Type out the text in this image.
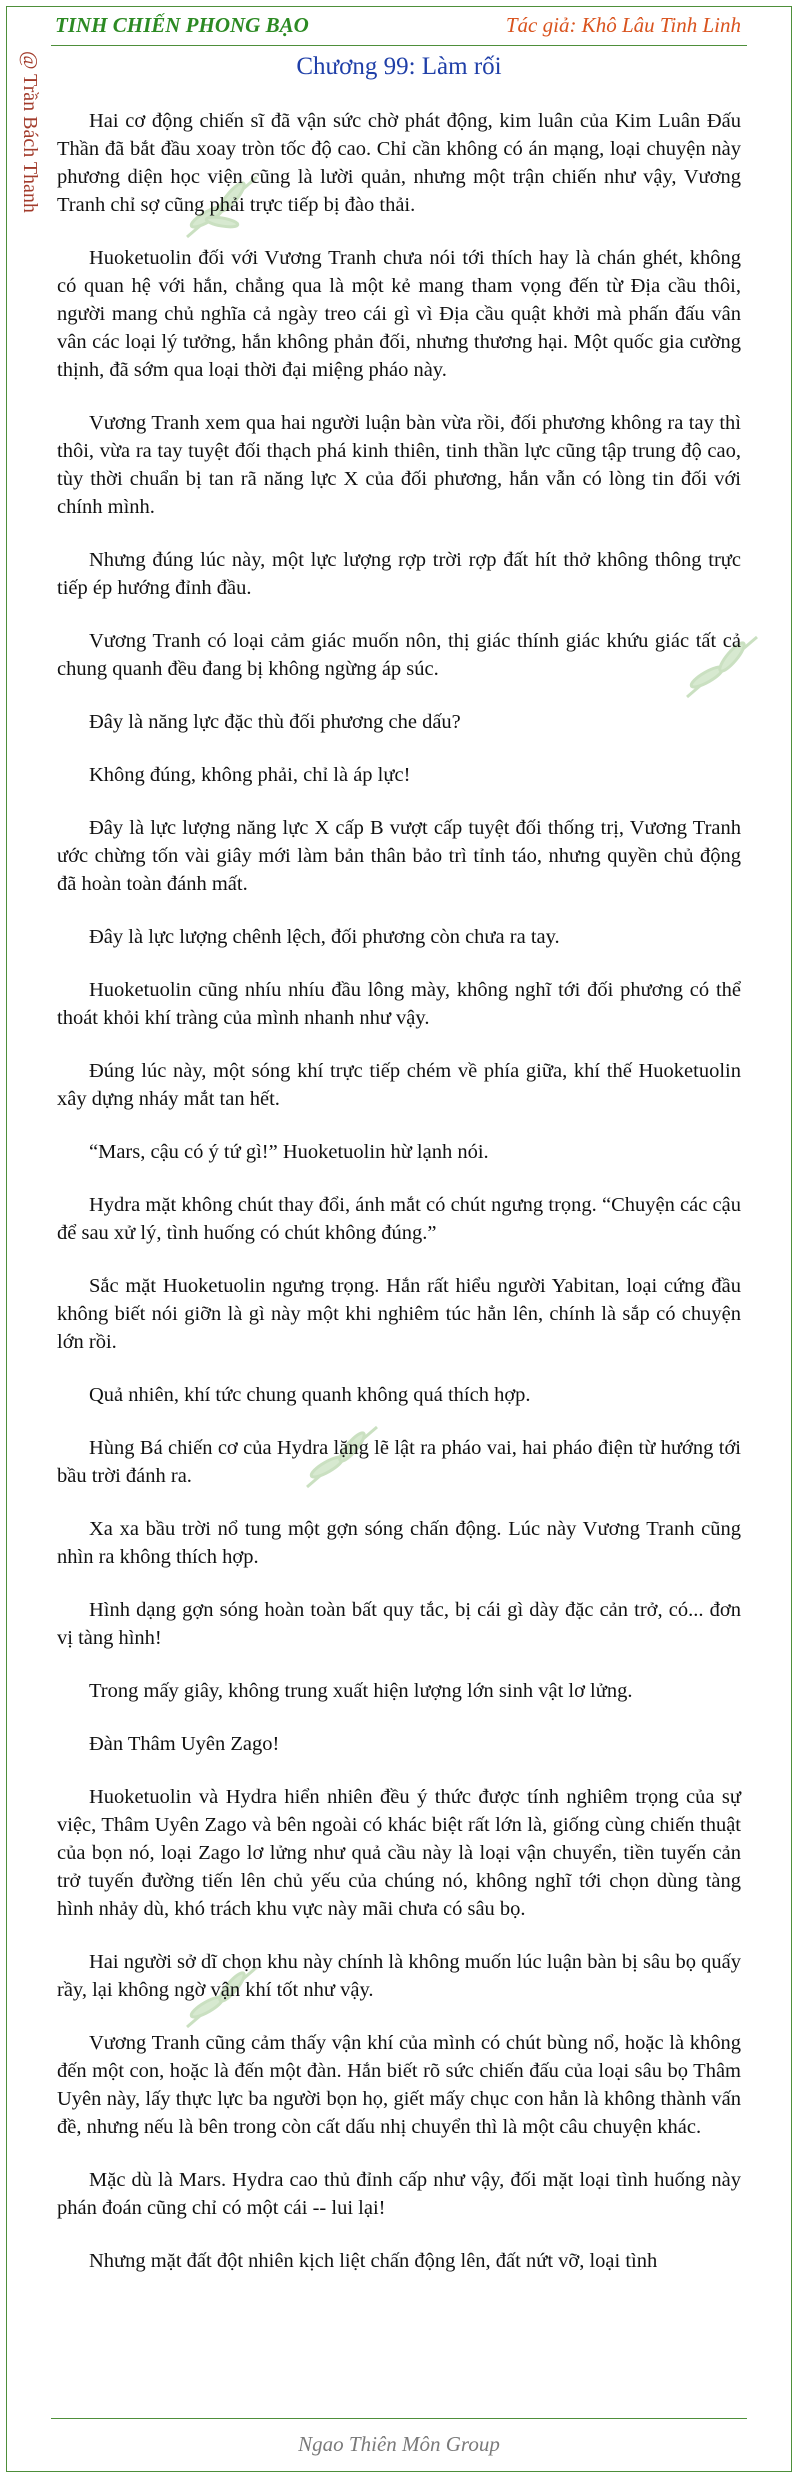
TINH CHIẾN PHONG BẠO	Tác giả: Khô Lâu Tinh Linh
@ Trần Bách Thanh	Chương 99: Làm rối

Hai cơ động chiến sĩ đã vận sức chờ phát động, kim luân của Kim Luân Đấu Thần đã bắt đầu xoay tròn tốc độ cao. Chỉ cần không có án mạng, loại chuyện này phương diện học viện cũng là lười quản, nhưng một trận chiến như vậy, Vương Tranh chỉ sợ cũng phải trực tiếp bị đào thải.

Huoketuolin đối với Vương Tranh chưa nói tới thích hay là chán ghét, không có quan hệ với hắn, chẳng qua là một kẻ mang tham vọng đến từ Địa cầu thôi, người mang chủ nghĩa cả ngày treo cái gì vì Địa cầu quật khởi mà phấn đấu vân vân các loại lý tưởng, hắn không phản đối, nhưng thương hại. Một quốc gia cường thịnh, đã sớm qua loại thời đại miệng pháo này.

Vương Tranh xem qua hai người luận bàn vừa rồi, đối phương không ra tay thì thôi, vừa ra tay tuyệt đối thạch phá kinh thiên, tinh thần lực cũng tập trung độ cao, tùy thời chuẩn bị tan rã năng lực X của đối phương, hắn vẫn có lòng tin đối với chính mình.

Nhưng đúng lúc này, một lực lượng rợp trời rợp đất hít thở không thông trực tiếp ép hướng đỉnh đầu.

Vương Tranh có loại cảm giác muốn nôn, thị giác thính giác khứu giác tất cả chung quanh đều đang bị không ngừng áp súc.

Đây là năng lực đặc thù đối phương che dấu?

Không đúng, không phải, chỉ là áp lực!

Đây là lực lượng năng lực X cấp B vượt cấp tuyệt đối thống trị, Vương Tranh ước chừng tốn vài giây mới làm bản thân bảo trì tỉnh táo, nhưng quyền chủ động đã hoàn toàn đánh mất.

Đây là lực lượng chênh lệch, đối phương còn chưa ra tay.

Huoketuolin cũng nhíu nhíu đầu lông mày, không nghĩ tới đối phương có thể thoát khỏi khí tràng của mình nhanh như vậy.

Đúng lúc này, một sóng khí trực tiếp chém về phía giữa, khí thế Huoketuolin xây dựng nháy mắt tan hết.

“Mars, cậu có ý tứ gì!” Huoketuolin hừ lạnh nói.

Hydra mặt không chút thay đổi, ánh mắt có chút ngưng trọng. “Chuyện các cậu để sau xử lý, tình huống có chút không đúng.”

Sắc mặt Huoketuolin ngưng trọng. Hắn rất hiểu người Yabitan, loại cứng đầu không biết nói giỡn là gì này một khi nghiêm túc hẳn lên, chính là sắp có chuyện lớn rồi.

Quả nhiên, khí tức chung quanh không quá thích hợp.

Hùng Bá chiến cơ của Hydra lặng lẽ lật ra pháo vai, hai pháo điện từ hướng tới bầu trời đánh ra.

Xa xa bầu trời nổ tung một gợn sóng chấn động. Lúc này Vương Tranh cũng nhìn ra không thích hợp.

Hình dạng gợn sóng hoàn toàn bất quy tắc, bị cái gì dày đặc cản trở, có... đơn vị tàng hình!

Trong mấy giây, không trung xuất hiện lượng lớn sinh vật lơ lửng.

Đàn Thâm Uyên Zago!

Huoketuolin và Hydra hiển nhiên đều ý thức được tính nghiêm trọng của sự việc, Thâm Uyên Zago và bên ngoài có khác biệt rất lớn là, giống cùng chiến thuật của bọn nó, loại Zago lơ lửng như quả cầu này là loại vận chuyển, tiền tuyến cản trở tuyến đường tiến lên chủ yếu của chúng nó, không nghĩ tới chọn dùng tàng hình nhảy dù, khó trách khu vực này mãi chưa có sâu bọ.

Hai người sở dĩ chọn khu này chính là không muốn lúc luận bàn bị sâu bọ quấy rầy, lại không ngờ vận khí tốt như vậy.

Vương Tranh cũng cảm thấy vận khí của mình có chút bùng nổ, hoặc là không đến một con, hoặc là đến một đàn. Hắn biết rõ sức chiến đấu của loại sâu bọ Thâm Uyên này, lấy thực lực ba người bọn họ, giết mấy chục con hẳn là không thành vấn đề, nhưng nếu là bên trong còn cất dấu nhị chuyển thì là một câu chuyện khác.

Mặc dù là Mars. Hydra cao thủ đỉnh cấp như vậy, đối mặt loại tình huống này phán đoán cũng chỉ có một cái -- lui lại!

Nhưng mặt đất đột nhiên kịch liệt chấn động lên, đất nứt vỡ, loại tình

Ngao Thiên Môn Group
